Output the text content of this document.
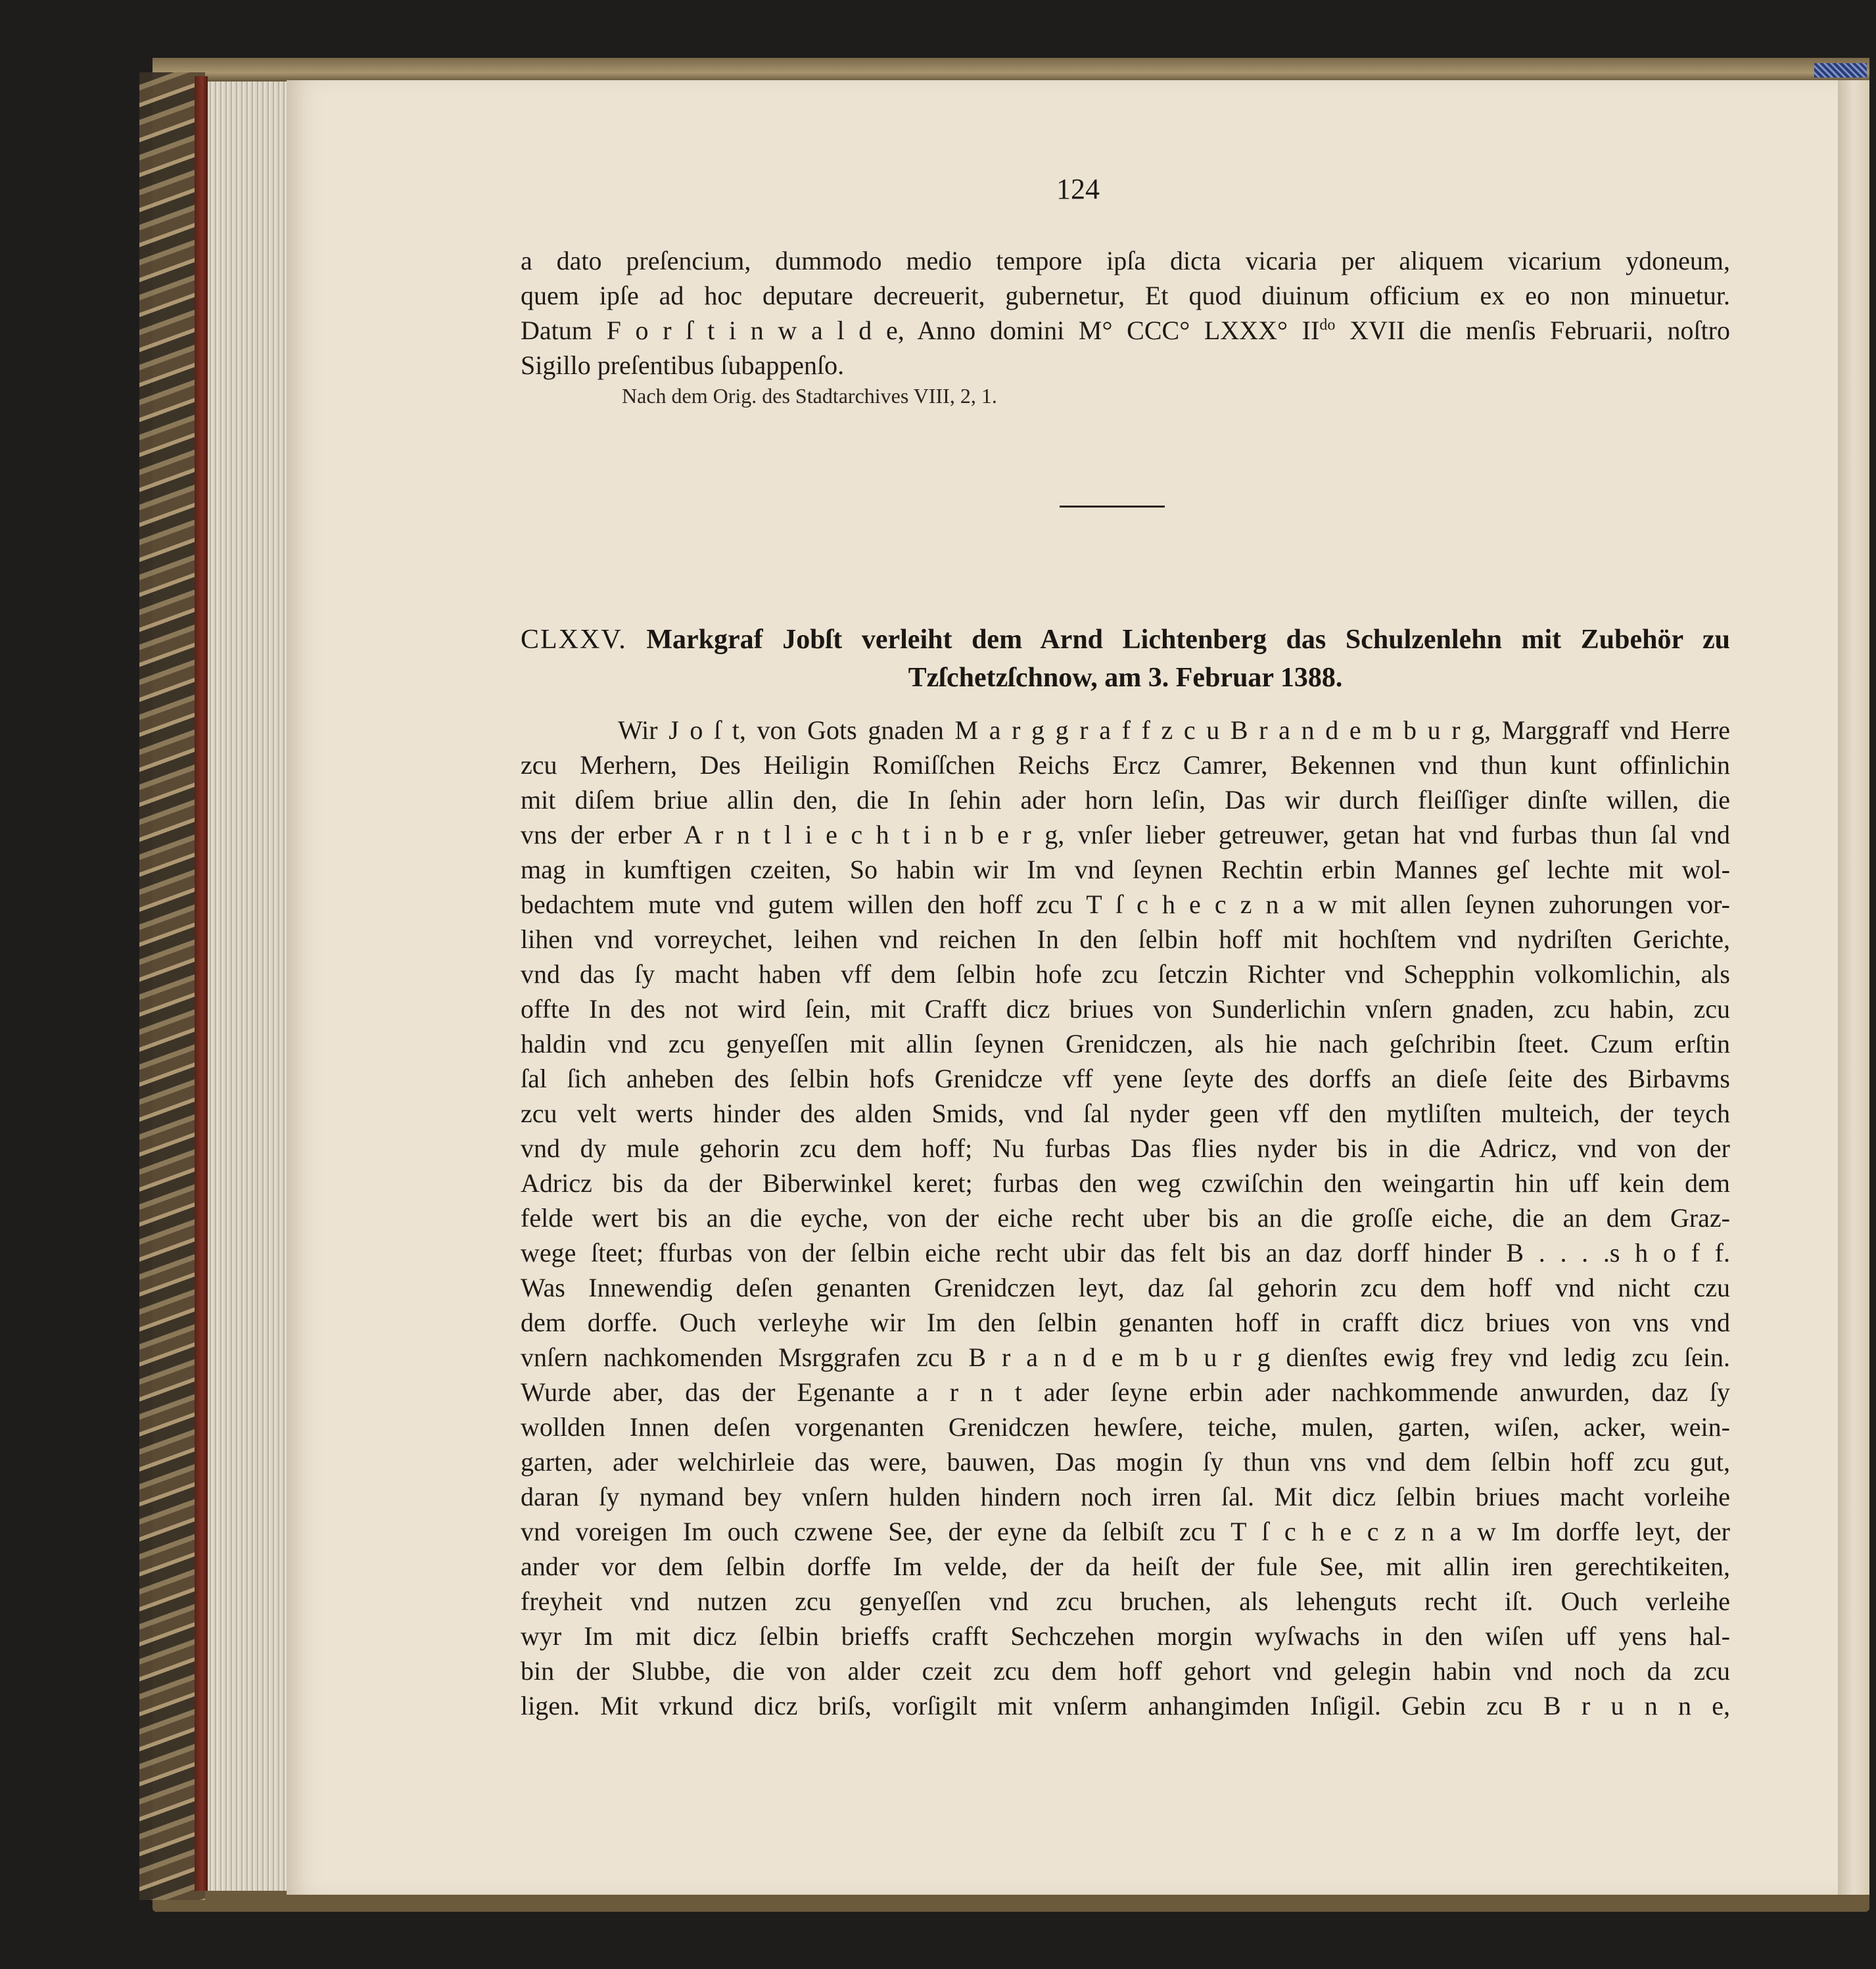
124
a dato preſencium, dummodo medio tempore ipſa dicta vicaria per aliquem vicarium ydoneum,
quem ipſe ad hoc deputare decreuerit, gubernetur, Et quod diuinum officium ex eo non minuetur.
Datum F o r ſ t i n w a l d e, Anno domini M° CCC° LXXX° $II^{do}$ XVII die menſis Februarii, noſtro
Sigillo preſentibus ſubappenſo.
Nach dem Orig. des Stadtarchives VIII, 2, 1.
CLXXV. Markgraf Jobſt verleiht dem Arnd Lichtenberg das Schulzenlehn mit Zubehör zu
Tzſchetzſchnow, am 3. Februar 1388.
Wir J o ſ t, von Gots gnaden M a r g g r a f f z c u B r a n d e m b u r g, Marggraff vnd Herre
zcu Merhern, Des Heiligin Romiſſchen Reichs Ercz Camrer, Bekennen vnd thun kunt offinlichin
mit diſem briue allin den, die In ſehin ader horn leſin, Das wir durch fleiſſiger dinſte willen, die
vns der erber A r n t l i e c h t i n b e r g, vnſer lieber getreuwer, getan hat vnd furbas thun ſal vnd
mag in kumftigen czeiten, So habin wir Im vnd ſeynen Rechtin erbin Mannes geſ lechte mit wol-
bedachtem mute vnd gutem willen den hoff zcu T ſ c h e c z n a w mit allen ſeynen zuhorungen vor-
lihen vnd vorreychet, leihen vnd reichen In den ſelbin hoff mit hochſtem vnd nydriſten Gerichte,
vnd das ſy macht haben vff dem ſelbin hofe zcu ſetczin Richter vnd Schepphin volkomlichin, als
offte In des not wird ſein, mit Crafft dicz briues von Sunderlichin vnſern gnaden, zcu habin, zcu
haldin vnd zcu genyeſſen mit allin ſeynen Grenidczen, als hie nach geſchribin ſteet. Czum erſtin
ſal ſich anheben des ſelbin hofs Grenidcze vff yene ſeyte des dorffs an dieſe ſeite des Birbavms
zcu velt werts hinder des alden Smids, vnd ſal nyder geen vff den mytliſten multeich, der teych
vnd dy mule gehorin zcu dem hoff; Nu furbas Das flies nyder bis in die Adricz, vnd von der
Adricz bis da der Biberwinkel keret; furbas den weg czwiſchin den weingartin hin uff kein dem
felde wert bis an die eyche, von der eiche recht uber bis an die groſſe eiche, die an dem Graz-
wege ſteet; ffurbas von der ſelbin eiche recht ubir das felt bis an daz dorff hinder B . . . .s h o f f.
Was Innewendig deſen genanten Grenidczen leyt, daz ſal gehorin zcu dem hoff vnd nicht czu
dem dorffe. Ouch verleyhe wir Im den ſelbin genanten hoff in crafft dicz briues von vns vnd
vnſern nachkomenden Msrggrafen zcu B r a n d e m b u r g dienſtes ewig frey vnd ledig zcu ſein.
Wurde aber, das der Egenante a r n t ader ſeyne erbin ader nachkommende anwurden, daz ſy
wollden Innen deſen vorgenanten Grenidczen hewſere, teiche, mulen, garten, wiſen, acker, wein-
garten, ader welchirleie das were, bauwen, Das mogin ſy thun vns vnd dem ſelbin hoff zcu gut,
daran ſy nymand bey vnſern hulden hindern noch irren ſal. Mit dicz ſelbin briues macht vorleihe
vnd voreigen Im ouch czwene See, der eyne da ſelbiſt zcu T ſ c h e c z n a w Im dorffe leyt, der
ander vor dem ſelbin dorffe Im velde, der da heiſt der fule See, mit allin iren gerechtikeiten,
freyheit vnd nutzen zcu genyeſſen vnd zcu bruchen, als lehenguts recht iſt. Ouch verleihe
wyr Im mit dicz ſelbin brieffs crafft Sechczehen morgin wyſwachs in den wiſen uff yens hal-
bin der Slubbe, die von alder czeit zcu dem hoff gehort vnd gelegin habin vnd noch da zcu
ligen. Mit vrkund dicz briſs, vorſigilt mit vnſerm anhangimden Inſigil. Gebin zcu B r u n n e,
